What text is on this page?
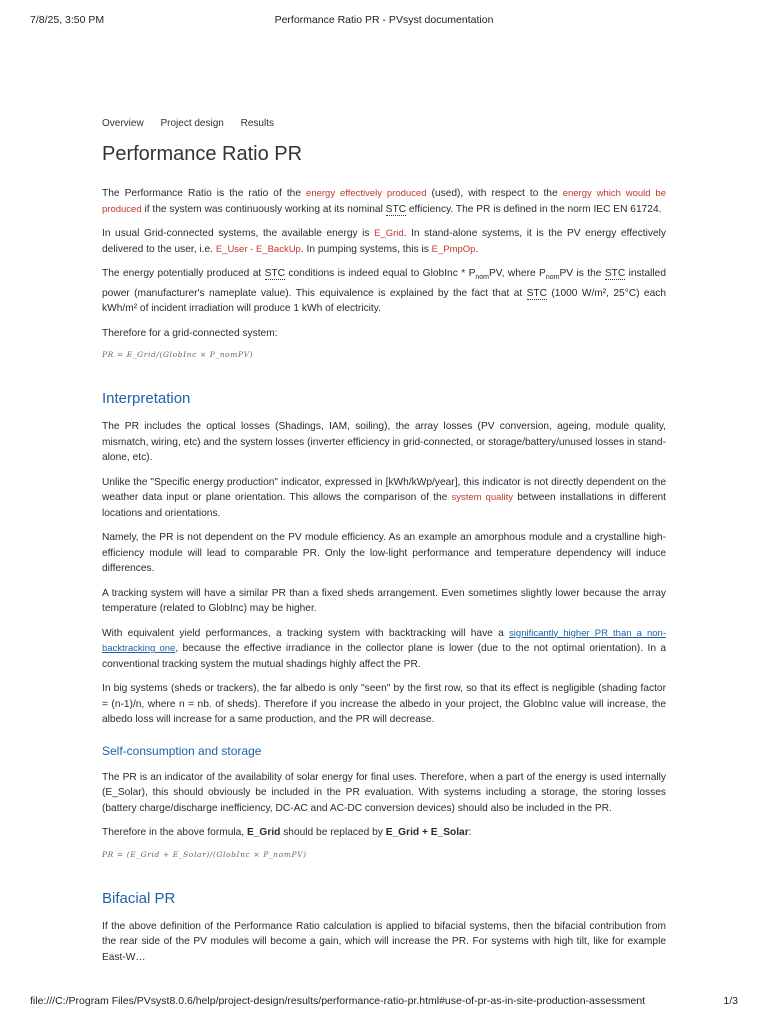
7/8/25, 3:50 PM	Performance Ratio PR - PVsyst documentation
Overview Project design Results
Performance Ratio PR

The Performance Ratio is the ratio of the energy effectively produced (used), with respect to the energy which would be produced if the system was continuously working at its nominal STC efficiency. The PR is defined in the norm IEC EN 61724.

In usual Grid-connected systems, the available energy is E_Grid. In stand-alone systems, it is the PV energy effectively delivered to the user, i.e. E_User - E_BackUp. In pumping systems, this is E_PmpOp.

The energy potentially produced at STC conditions is indeed equal to GlobInc * $P_{nom}PV$, where $P_{nom}PV$ is the STC installed power (manufacturer's nameplate value). This equivalence is explained by the fact that at STC (1000 W/m², 25°C) each kWh/m² of incident irradiation will produce 1 kWh of electricity.

Therefore for a grid-connected system:

PR = E_Grid/(GlobInc × P_nomPV)
Interpretation

The PR includes the optical losses (Shadings, IAM, soiling), the array losses (PV conversion, ageing, module quality, mismatch, wiring, etc) and the system losses (inverter efficiency in grid-connected, or storage/battery/unused losses in stand-alone, etc).

Unlike the "Specific energy production" indicator, expressed in [kWh/kWp/year], this indicator is not directly dependent on the weather data input or plane orientation. This allows the comparison of the system quality between installations in different locations and orientations.

Namely, the PR is not dependent on the PV module efficiency. As an example an amorphous module and a crystalline high-efficiency module will lead to comparable PR. Only the low-light performance and temperature dependency will induce differences.

A tracking system will have a similar PR than a fixed sheds arrangement. Even sometimes slightly lower because the array temperature (related to GlobInc) may be higher.

With equivalent yield performances, a tracking system with backtracking will have a significantly higher PR than a non-backtracking one, because the effective irradiance in the collector plane is lower (due to the not optimal orientation). In a conventional tracking system the mutual shadings highly affect the PR.

In big systems (sheds or trackers), the far albedo is only "seen" by the first row, so that its effect is negligible (shading factor = (n-1)/n, where n = nb. of sheds). Therefore if you increase the albedo in your project, the GlobInc value will increase, the albedo loss will increase for a same production, and the PR will decrease.

Self-consumption and storage

The PR is an indicator of the availability of solar energy for final uses. Therefore, when a part of the energy is used internally (E_Solar), this should obviously be included in the PR evaluation. With systems including a storage, the storing losses (battery charge/discharge inefficiency, DC-AC and AC-DC conversion devices) should also be included in the PR.

Therefore in the above formula, E_Grid should be replaced by E_Grid + E_Solar:

PR = (E_Grid + E_Solar)/(GlobInc × P_nomPV)
Bifacial PR

If the above definition of the Performance Ratio calculation is applied to bifacial systems, then the bifacial contribution from the rear side of the PV modules will become a gain, which will increase the PR. For systems with high tilt, like for example East-W…

file:///C:/Program Files/PVsyst8.0.6/help/project-design/results/performance-ratio-pr.html#use-of-pr-as-in-site-production-assessment	1/3
